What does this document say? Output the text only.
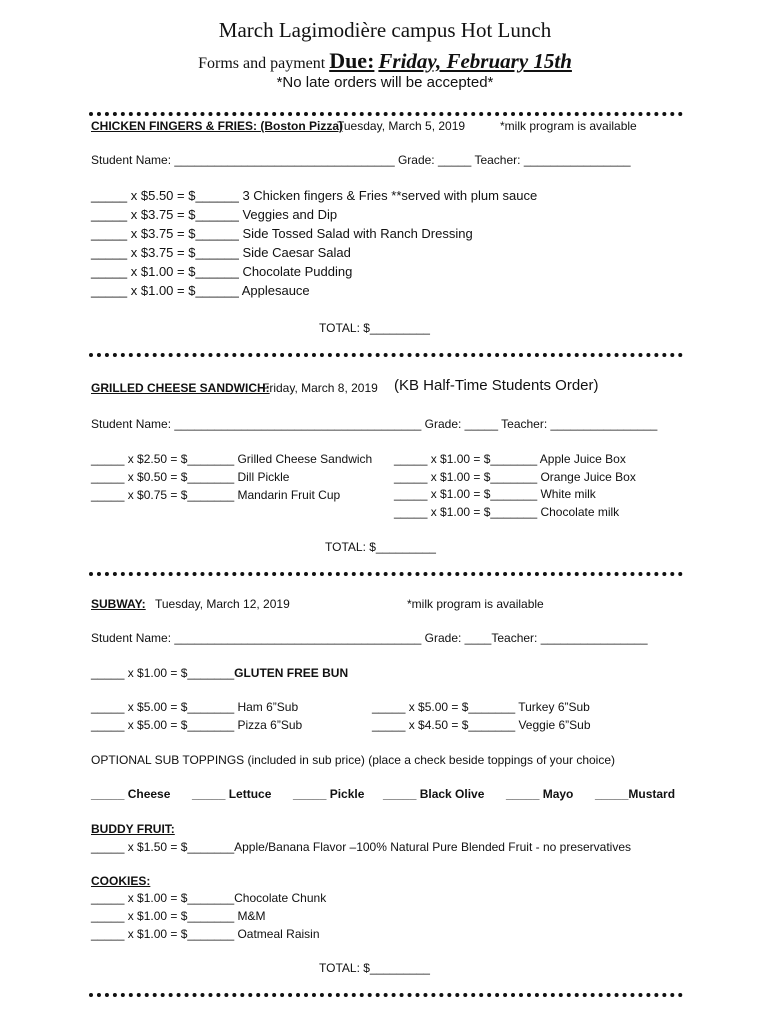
March Lagimodière campus Hot Lunch
Forms and payment Due: Friday, February 15th
*No late orders will be accepted*
CHICKEN FINGERS & FRIES: (Boston Pizza)
Tuesday, March 5, 2019	*milk program is available
Student Name: _________________________________ Grade: _____ Teacher: ________________
_____ x $5.50 = $______ 3 Chicken fingers & Fries **served with plum sauce
_____ x $3.75 = $______ Veggies and Dip
_____ x $3.75 = $______ Side Tossed Salad with Ranch Dressing
_____ x $3.75 = $______ Side Caesar Salad
_____ x $1.00 = $______ Chocolate Pudding
_____ x $1.00 = $______ Applesauce
TOTAL: $_________
GRILLED CHEESE SANDWICH:
Friday, March 8, 2019 (KB Half-Time Students Order)
Student Name: _____________________________________ Grade: _____ Teacher: ________________
_____ x $2.50 = $_______ Grilled Cheese Sandwich
_____ x $0.50 = $_______ Dill Pickle
_____ x $0.75 = $_______ Mandarin Fruit Cup
_____ x $1.00 = $_______ Apple Juice Box
_____ x $1.00 = $_______ Orange Juice Box
_____ x $1.00 = $_______ White milk
_____ x $1.00 = $_______ Chocolate milk
TOTAL: $_________
SUBWAY: Tuesday, March 12, 2019	*milk program is available
Student Name: _____________________________________ Grade: ____Teacher: ________________
_____ x $1.00 = $_______GLUTEN FREE BUN
_____ x $5.00 = $_______ Ham 6”Sub
_____ x $5.00 = $_______ Pizza 6”Sub
_____ x $5.00 = $_______ Turkey 6”Sub
_____ x $4.50 = $_______ Veggie 6”Sub
OPTIONAL SUB TOPPINGS (included in sub price) (place a check beside toppings of your choice)
_____ Cheese _____ Lettuce _____ Pickle _____ Black Olive _____ Mayo _____Mustard
BUDDY FRUIT:
_____ x $1.50 = $_______Apple/Banana Flavor –100% Natural Pure Blended Fruit - no preservatives
COOKIES:
_____ x $1.00 = $_______Chocolate Chunk
_____ x $1.00 = $_______ M&M
_____ x $1.00 = $_______ Oatmeal Raisin
TOTAL: $_________
